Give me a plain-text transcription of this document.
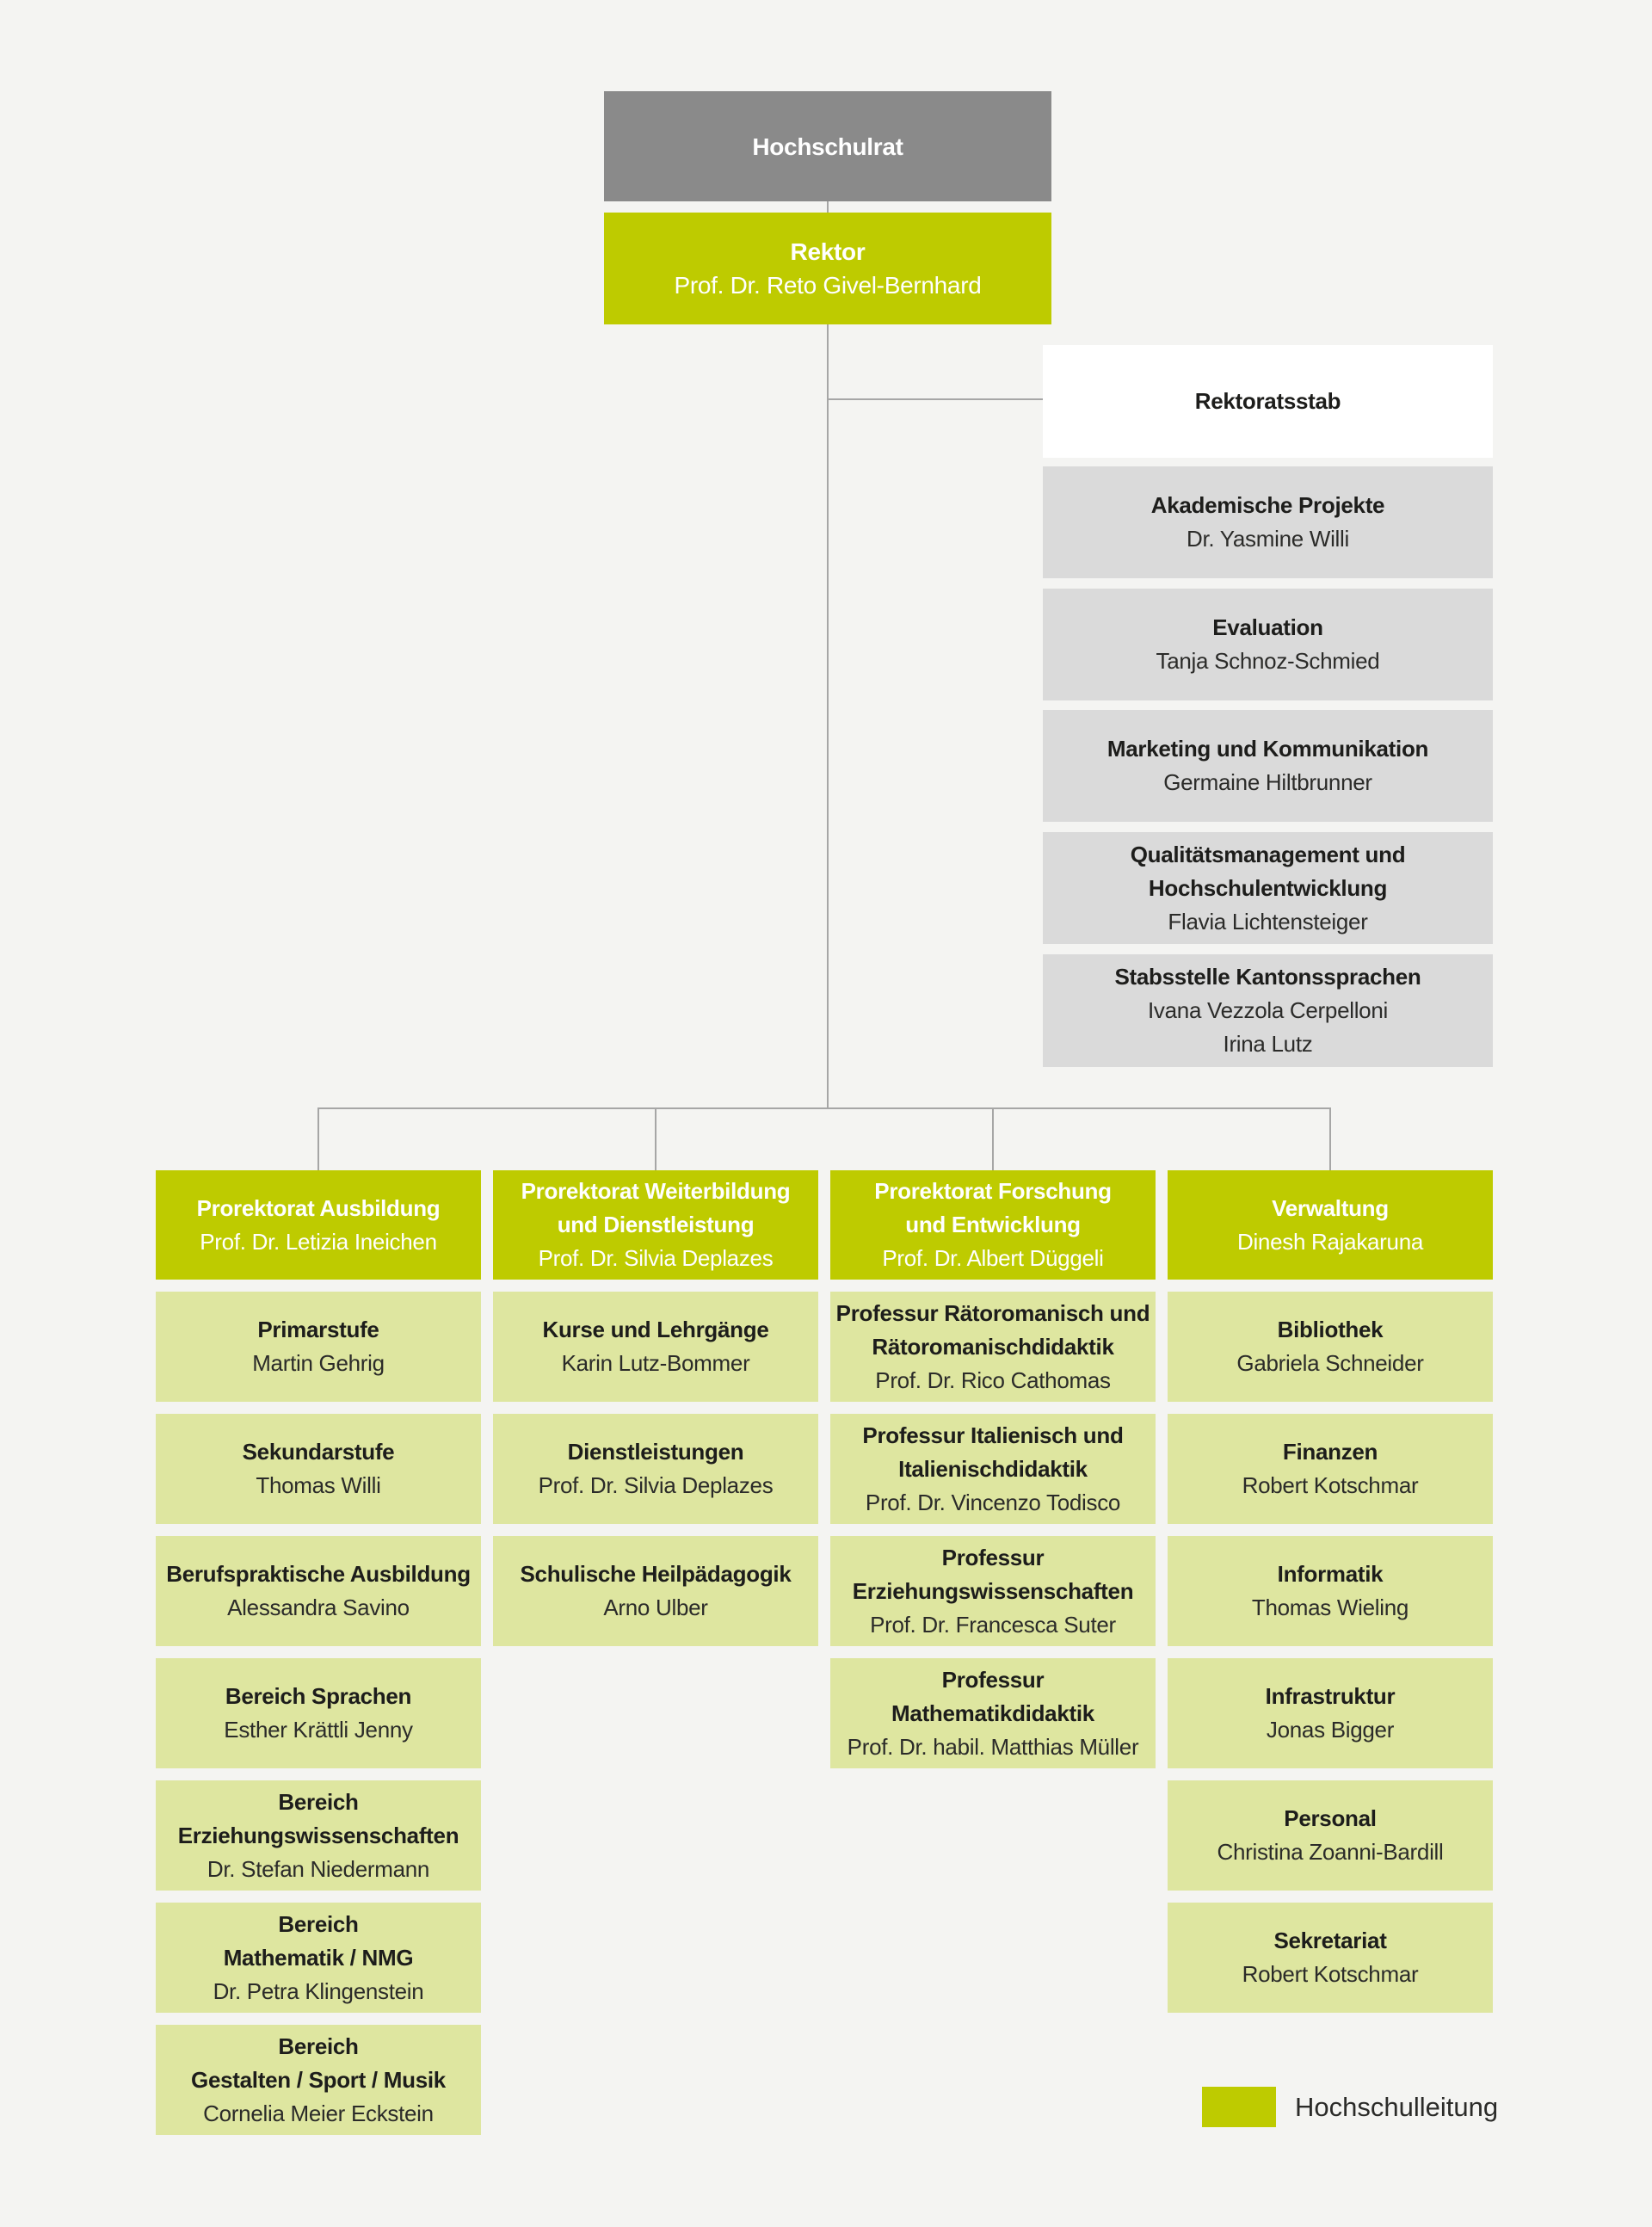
Hochschulrat
Rektor
Prof. Dr. Reto Givel-Bernhard
Rektoratsstab
Akademische Projekte
Dr. Yasmine Willi
Evaluation
Tanja Schnoz-Schmied
Marketing und Kommunikation
Germaine Hiltbrunner
Qualitätsmanagement und
Hochschulentwicklung
Flavia Lichtensteiger
Stabsstelle Kantonssprachen
Ivana Vezzola Cerpelloni
Irina Lutz
Prorektorat Ausbildung
Prof. Dr. Letizia Ineichen
Primarstufe
Martin Gehrig
Sekundarstufe
Thomas Willi
Berufspraktische Ausbildung
Alessandra Savino
Bereich Sprachen
Esther Krättli Jenny
Bereich
Erziehungswissenschaften
Dr. Stefan Niedermann
Bereich
Mathematik / NMG
Dr. Petra Klingenstein
Bereich
Gestalten / Sport / Musik
Cornelia Meier Eckstein
Prorektorat Weiterbildung
und Dienstleistung
Prof. Dr. Silvia Deplazes
Kurse und Lehrgänge
Karin Lutz-Bommer
Dienstleistungen
Prof. Dr. Silvia Deplazes
Schulische Heilpädagogik
Arno Ulber
Prorektorat Forschung
und Entwicklung
Prof. Dr. Albert Düggeli
Professur Rätoromanisch und
Rätoromanischdidaktik
Prof. Dr. Rico Cathomas
Professur Italienisch und
Italienischdidaktik
Prof. Dr. Vincenzo Todisco
Professur
Erziehungswissenschaften
Prof. Dr. Francesca Suter
Professur
Mathematikdidaktik
Prof. Dr. habil. Matthias Müller
Verwaltung
Dinesh Rajakaruna
Bibliothek
Gabriela Schneider
Finanzen
Robert Kotschmar
Informatik
Thomas Wieling
Infrastruktur
Jonas Bigger
Personal
Christina Zoanni-Bardill
Sekretariat
Robert Kotschmar
Hochschulleitung
